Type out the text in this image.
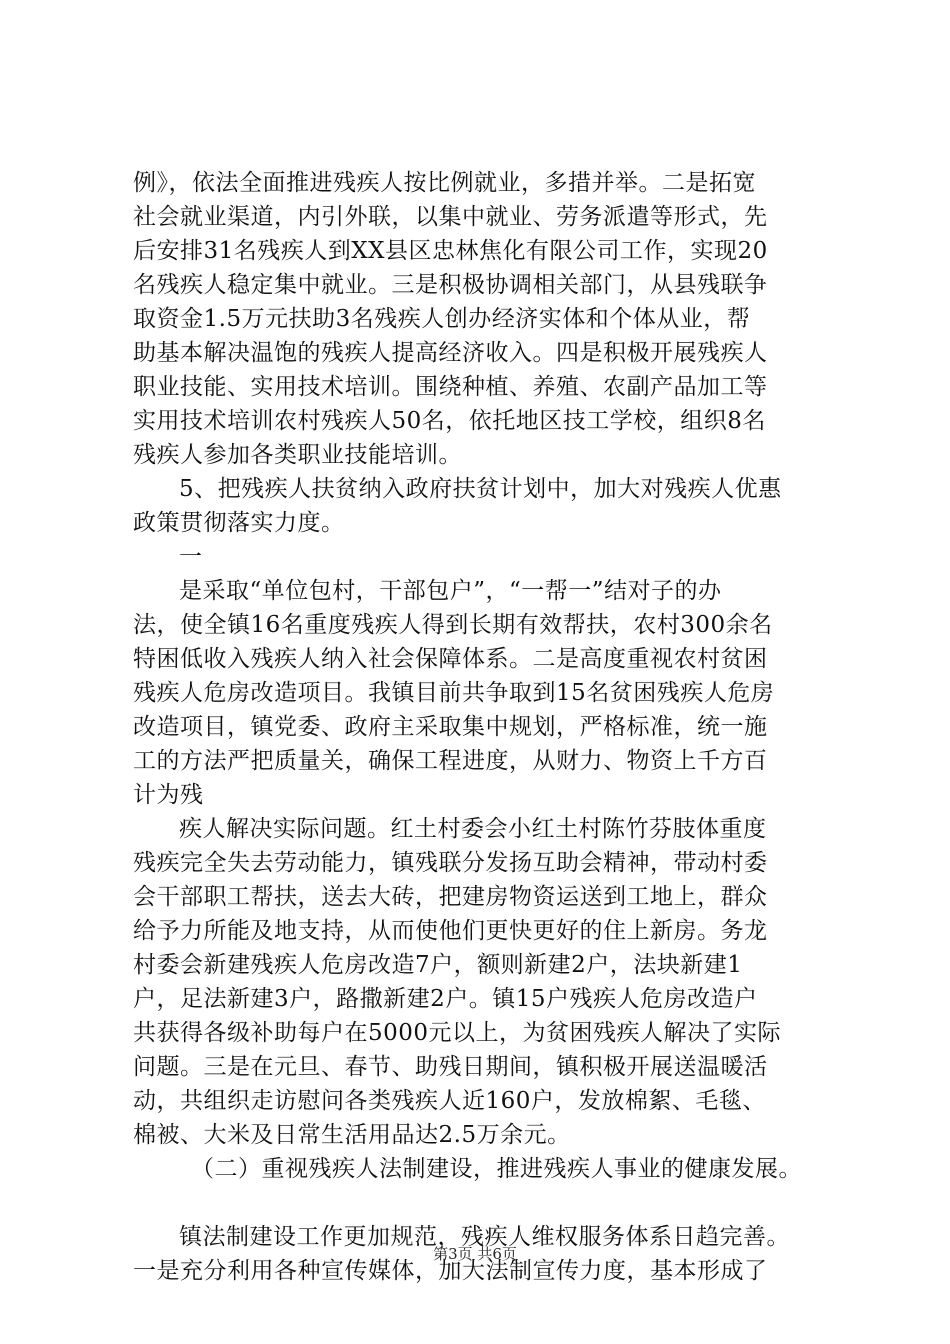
例》，依法全面推进残疾人按比例就业，多措并举。二是拓宽
社会就业渠道，内引外联，以集中就业、劳务派遣等形式，先
后安排31名残疾人到XX县区忠林焦化有限公司工作，实现20
名残疾人稳定集中就业。三是积极协调相关部门，从县残联争
取资金1.5万元扶助3名残疾人创办经济实体和个体从业，帮
助基本解决温饱的残疾人提高经济收入。四是积极开展残疾人
职业技能、实用技术培训。围绕种植、养殖、农副产品加工等
实用技术培训农村残疾人50名，依托地区技工学校，组织8名
残疾人参加各类职业技能培训。
5、把残疾人扶贫纳入政府扶贫计划中，加大对残疾人优惠
政策贯彻落实力度。
一
是采取“单位包村，干部包户”，“一帮一”结对子的办
法，使全镇16名重度残疾人得到长期有效帮扶，农村300余名
特困低收入残疾人纳入社会保障体系。二是高度重视农村贫困
残疾人危房改造项目。我镇目前共争取到15名贫困残疾人危房
改造项目，镇党委、政府主采取集中规划，严格标准，统一施
工的方法严把质量关，确保工程进度，从财力、物资上千方百
计为残
疾人解决实际问题。红土村委会小红土村陈竹芬肢体重度
残疾完全失去劳动能力，镇残联分发扬互助会精神，带动村委
会干部职工帮扶，送去大砖，把建房物资运送到工地上，群众
给予力所能及地支持，从而使他们更快更好的住上新房。务龙
村委会新建残疾人危房改造7户，额则新建2户，法块新建1
户，足法新建3户，路撒新建2户。镇15户残疾人危房改造户
共获得各级补助每户在5000元以上，为贫困残疾人解决了实际
问题。三是在元旦、春节、助残日期间，镇积极开展送温暖活
动，共组织走访慰问各类残疾人近160户，发放棉絮、毛毯、
棉被、大米及日常生活用品达2.5万余元。
（二）重视残疾人法制建设，推进残疾人事业的健康发展。
镇法制建设工作更加规范，残疾人维权服务体系日趋完善。
一是充分利用各种宣传媒体，加大法制宣传力度，基本形成了
第3页 共6页
